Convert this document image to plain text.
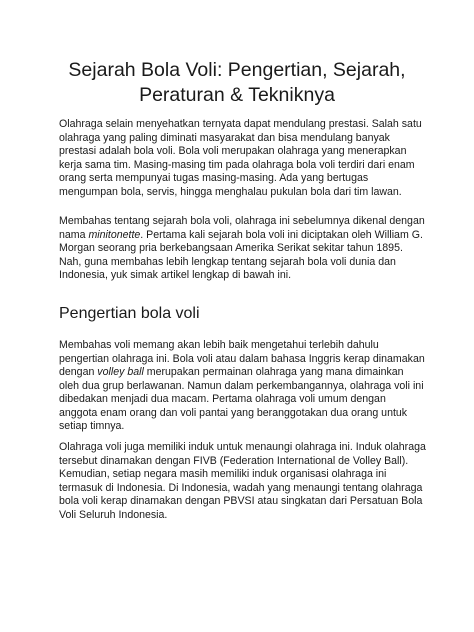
Sejarah Bola Voli: Pengertian, Sejarah,
Peraturan & Tekniknya

Olahraga selain menyehatkan ternyata dapat mendulang prestasi. Salah satu
olahraga yang paling diminati masyarakat dan bisa mendulang banyak
prestasi adalah bola voli. Bola voli merupakan olahraga yang menerapkan
kerja sama tim. Masing-masing tim pada olahraga bola voli terdiri dari enam
orang serta mempunyai tugas masing-masing. Ada yang bertugas
mengumpan bola, servis, hingga menghalau pukulan bola dari tim lawan.

Membahas tentang sejarah bola voli, olahraga ini sebelumnya dikenal dengan
nama minitonette. Pertama kali sejarah bola voli ini diciptakan oleh William G.
Morgan seorang pria berkebangsaan Amerika Serikat sekitar tahun 1895.
Nah, guna membahas lebih lengkap tentang sejarah bola voli dunia dan
Indonesia, yuk simak artikel lengkap di bawah ini.

Pengertian bola voli

Membahas voli memang akan lebih baik mengetahui terlebih dahulu
pengertian olahraga ini. Bola voli atau dalam bahasa Inggris kerap dinamakan
dengan volley ball merupakan permainan olahraga yang mana dimainkan
oleh dua grup berlawanan. Namun dalam perkembangannya, olahraga voli ini
dibedakan menjadi dua macam. Pertama olahraga voli umum dengan
anggota enam orang dan voli pantai yang beranggotakan dua orang untuk
setiap timnya.

Olahraga voli juga memiliki induk untuk menaungi olahraga ini. Induk olahraga
tersebut dinamakan dengan FIVB (Federation International de Volley Ball).
Kemudian, setiap negara masih memiliki induk organisasi olahraga ini
termasuk di Indonesia. Di Indonesia, wadah yang menaungi tentang olahraga
bola voli kerap dinamakan dengan PBVSI atau singkatan dari Persatuan Bola
Voli Seluruh Indonesia.
